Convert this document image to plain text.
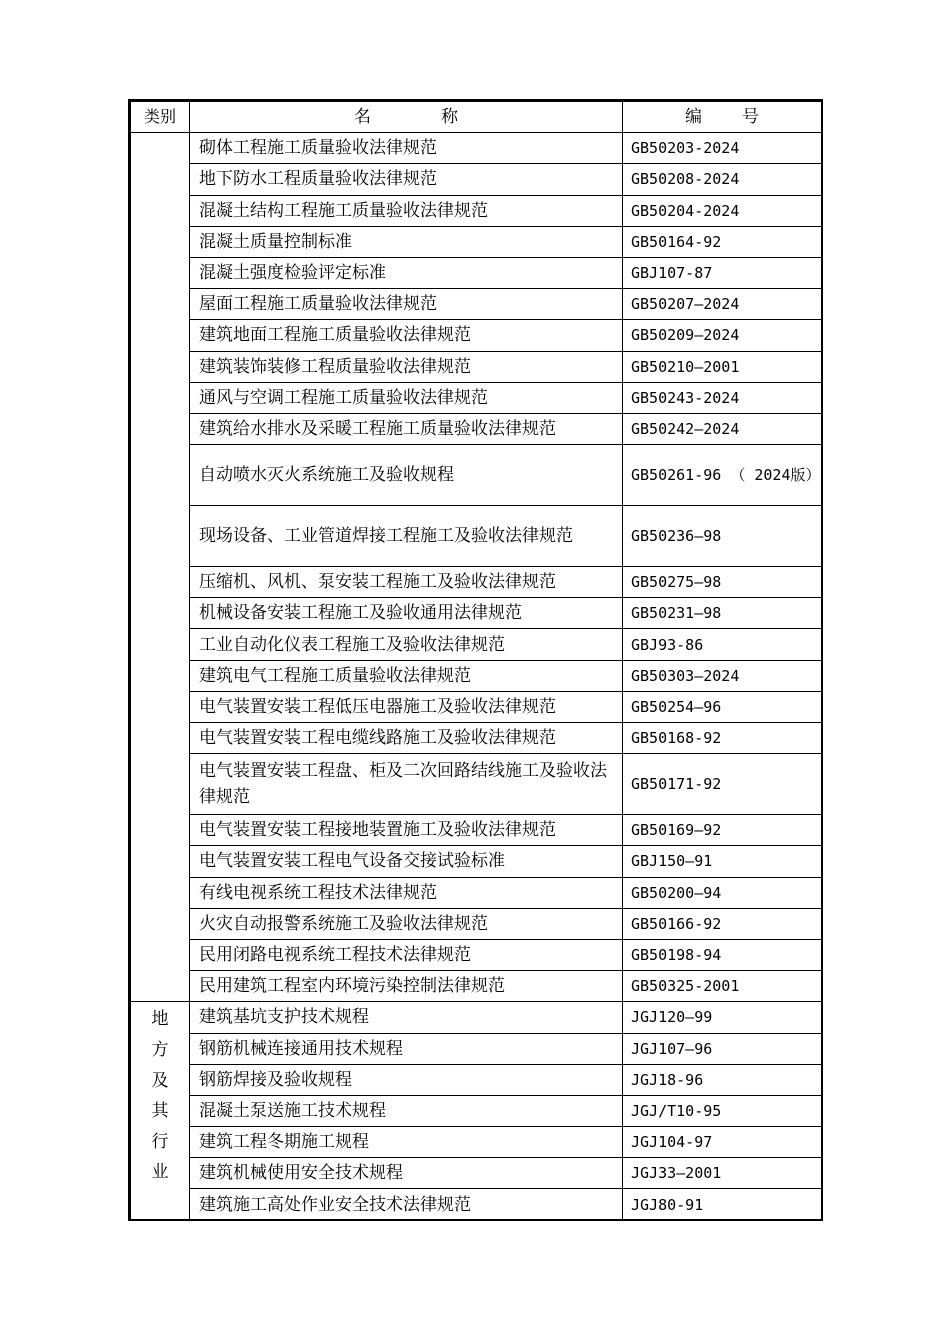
类别	名称	编号

	砌体工程施工质量验收法律规范	GB50203-2024
	地下防水工程质量验收法律规范	GB50208-2024
	混凝土结构工程施工质量验收法律规范	GB50204-2024
	混凝土质量控制标准	GB50164-92
	混凝土强度检验评定标准	GBJ107-87
	屋面工程施工质量验收法律规范	GB50207—2024
	建筑地面工程施工质量验收法律规范	GB50209—2024
	建筑装饰装修工程质量验收法律规范	GB50210—2001
	通风与空调工程施工质量验收法律规范	GB50243-2024
	建筑给水排水及采暖工程施工质量验收法律规范	GB50242—2024
	自动喷水灭火系统施工及验收规程	GB50261-96 （ 2024版）
	现场设备、工业管道焊接工程施工及验收法律规范	GB50236—98
	压缩机、风机、泵安装工程施工及验收法律规范	GB50275—98
	机械设备安装工程施工及验收通用法律规范	GB50231—98
	工业自动化仪表工程施工及验收法律规范	GBJ93-86
	建筑电气工程施工质量验收法律规范	GB50303—2024
	电气装置安装工程低压电器施工及验收法律规范	GB50254—96
	电气装置安装工程电缆线路施工及验收法律规范	GB50168-92
	电气装置安装工程盘、柜及二次回路结线施工及验收法律规范	GB50171-92
	电气装置安装工程接地装置施工及验收法律规范	GB50169—92
	电气装置安装工程电气设备交接试验标准	GBJ150—91
	有线电视系统工程技术法律规范	GB50200—94
	火灾自动报警系统施工及验收法律规范	GB50166-92
	民用闭路电视系统工程技术法律规范	GB50198-94
	民用建筑工程室内环境污染控制法律规范	GB50325-2001

地方及其行业	建筑基坑支护技术规程	JGJ120—99
	钢筋机械连接通用技术规程	JGJ107—96
	钢筋焊接及验收规程	JGJ18-96
	混凝土泵送施工技术规程	JGJ/T10-95
	建筑工程冬期施工规程	JGJ104-97
	建筑机械使用安全技术规程	JGJ33—2001
	建筑施工高处作业安全技术法律规范	JGJ80-91
